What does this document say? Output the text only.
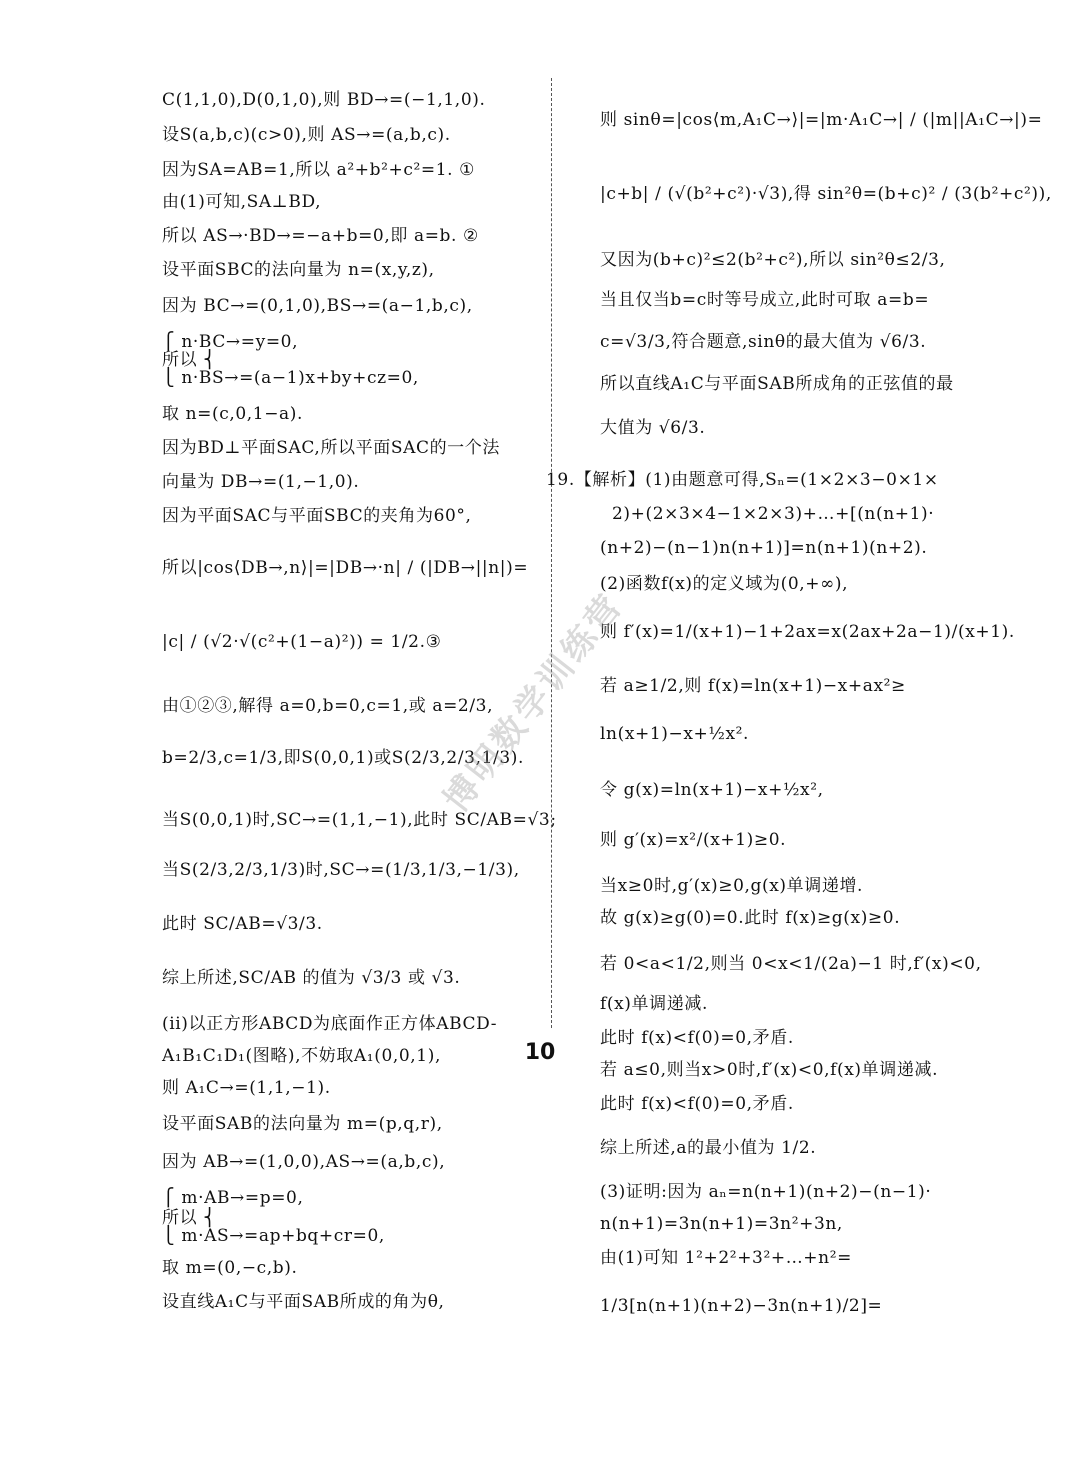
C(1,1,0),D(0,1,0),则 BD→=(−1,1,0).
设S(a,b,c)(c>0),则 AS→=(a,b,c).
因为SA=AB=1,所以 a²+b²+c²=1. ①
由(1)可知,SA⊥BD,
所以 AS→·BD→=−a+b=0,即 a=b. ②
设平面SBC的法向量为 n=(x,y,z),
因为 BC→=(0,1,0),BS→=(a−1,b,c),
⎧ n·BC→=y=0,
所以 ⎨
⎩ n·BS→=(a−1)x+by+cz=0,
取 n=(c,0,1−a).
因为BD⊥平面SAC,所以平面SAC的一个法
向量为 DB→=(1,−1,0).
因为平面SAC与平面SBC的夹角为60°,
所以|cos⟨DB→,n⟩|=|DB→·n| / (|DB→||n|)=
|c| / (√2·√(c²+(1−a)²)) = 1/2.③
由①②③,解得 a=0,b=0,c=1,或 a=2/3,
b=2/3,c=1/3,即S(0,0,1)或S(2/3,2/3,1/3).
当S(0,0,1)时,SC→=(1,1,−1),此时 SC/AB=√3;
当S(2/3,2/3,1/3)时,SC→=(1/3,1/3,−1/3),
此时 SC/AB=√3/3.
综上所述,SC/AB 的值为 √3/3 或 √3.
(ii)以正方形ABCD为底面作正方体ABCD-
A₁B₁C₁D₁(图略),不妨取A₁(0,0,1),
则 A₁C→=(1,1,−1).
设平面SAB的法向量为 m=(p,q,r),
因为 AB→=(1,0,0),AS→=(a,b,c),
⎧ m·AB→=p=0,
所以 ⎨
⎩ m·AS→=ap+bq+cr=0,
取 m=(0,−c,b).
设直线A₁C与平面SAB所成的角为θ,
则 sinθ=|cos⟨m,A₁C→⟩|=|m·A₁C→| / (|m||A₁C→|)=
|c+b| / (√(b²+c²)·√3),得 sin²θ=(b+c)² / (3(b²+c²)),
又因为(b+c)²≤2(b²+c²),所以 sin²θ≤2/3,
当且仅当b=c时等号成立,此时可取 a=b=
c=√3/3,符合题意,sinθ的最大值为 √6/3.
所以直线A₁C与平面SAB所成角的正弦值的最
大值为 √6/3.
19.【解析】(1)由题意可得,Sₙ=(1×2×3−0×1×
2)+(2×3×4−1×2×3)+…+[(n(n+1)·
(n+2)−(n−1)n(n+1)]=n(n+1)(n+2).
(2)函数f(x)的定义域为(0,+∞),
则 f′(x)=1/(x+1)−1+2ax=x(2ax+2a−1)/(x+1).
若 a≥1/2,则 f(x)=ln(x+1)−x+ax²≥
ln(x+1)−x+½x².
令 g(x)=ln(x+1)−x+½x²,
则 g′(x)=x²/(x+1)≥0.
当x≥0时,g′(x)≥0,g(x)单调递增.
故 g(x)≥g(0)=0.此时 f(x)≥g(x)≥0.
若 0<a<1/2,则当 0<x<1/(2a)−1 时,f′(x)<0,
f(x)单调递减.
此时 f(x)<f(0)=0,矛盾.
若 a≤0,则当x>0时,f′(x)<0,f(x)单调递减.
此时 f(x)<f(0)=0,矛盾.
综上所述,a的最小值为 1/2.
(3)证明:因为 aₙ=n(n+1)(n+2)−(n−1)·
n(n+1)=3n(n+1)=3n²+3n,
由(1)可知 1²+2²+3²+…+n²=
1/3[n(n+1)(n+2)−3n(n+1)/2]=
博明数学训练营
10
